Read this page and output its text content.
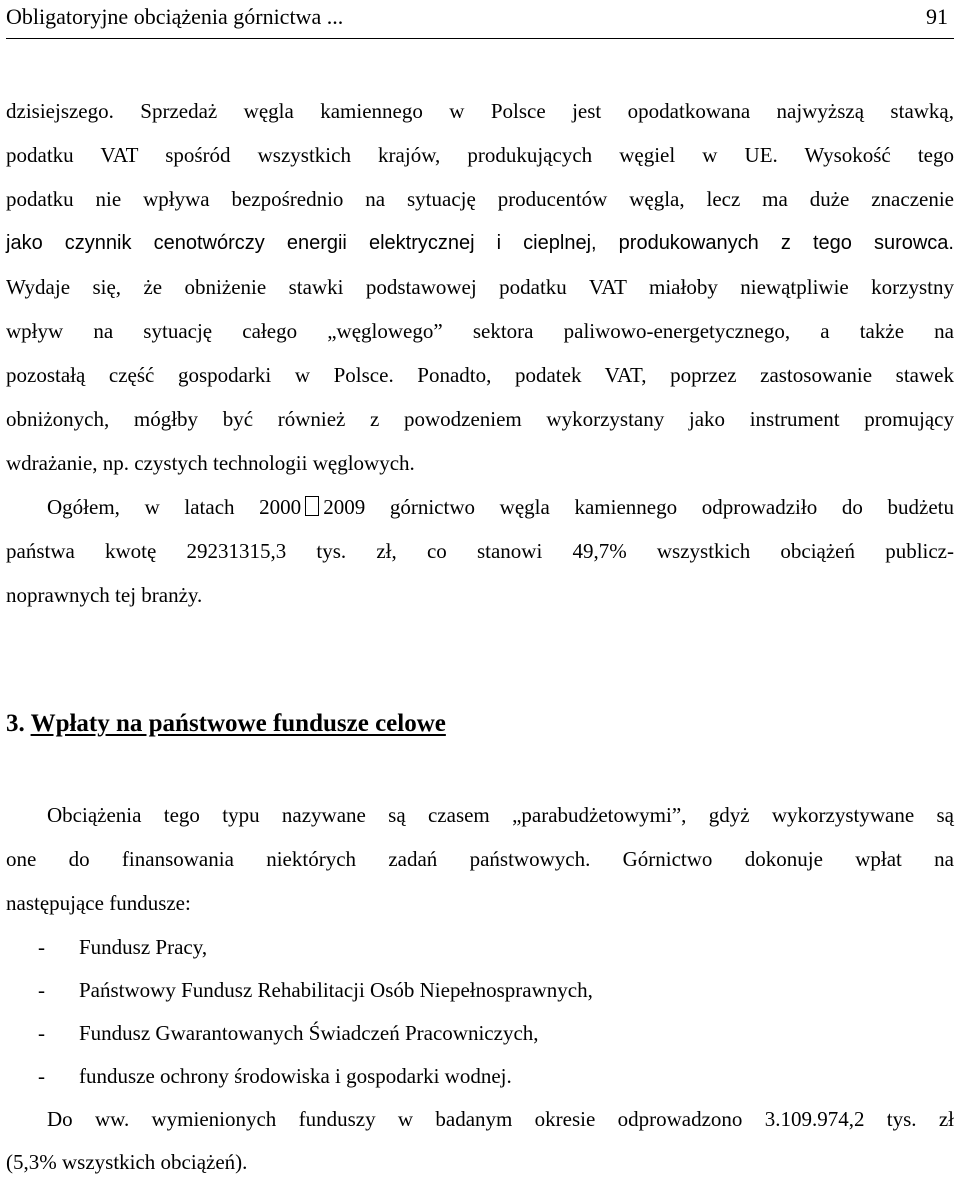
Obligatoryjne obciążenia górnictwa ...	91
dzisiejszego. Sprzedaż węgla kamiennego w Polsce jest opodatkowana najwyższą stawką,
podatku VAT spośród wszystkich krajów, produkujących węgiel w UE. Wysokość tego
podatku nie wpływa bezpośrednio na sytuację producentów węgla, lecz ma duże znaczenie
jako czynnik cenotwórczy energii elektrycznej i cieplnej, produkowanych z tego surowca.
Wydaje się, że obniżenie stawki podstawowej podatku VAT miałoby niewątpliwie korzystny
wpływ na sytuację całego „węglowego” sektora paliwowo-energetycznego, a także na
pozostałą część gospodarki w Polsce. Ponadto, podatek VAT, poprzez zastosowanie stawek
obniżonych, mógłby być również z powodzeniem wykorzystany jako instrument promujący
wdrażanie, np. czystych technologii węglowych.
Ogółem, w latach 2000 2009 górnictwo węgla kamiennego odprowadziło do budżetu
państwa kwotę 29231315,3 tys. zł, co stanowi 49,7% wszystkich obciążeń publicz-
noprawnych tej branży.
3. Wpłaty na państwowe fundusze celowe
Obciążenia tego typu nazywane są czasem „parabudżetowymi”, gdyż wykorzystywane są
one do finansowania niektórych zadań państwowych. Górnictwo dokonuje wpłat na
następujące fundusze:
- Fundusz Pracy,
- Państwowy Fundusz Rehabilitacji Osób Niepełnosprawnych,
- Fundusz Gwarantowanych Świadczeń Pracowniczych,
- fundusze ochrony środowiska i gospodarki wodnej.
Do ww. wymienionych funduszy w badanym okresie odprowadzono 3.109.974,2 tys. zł
(5,3% wszystkich obciążeń).
